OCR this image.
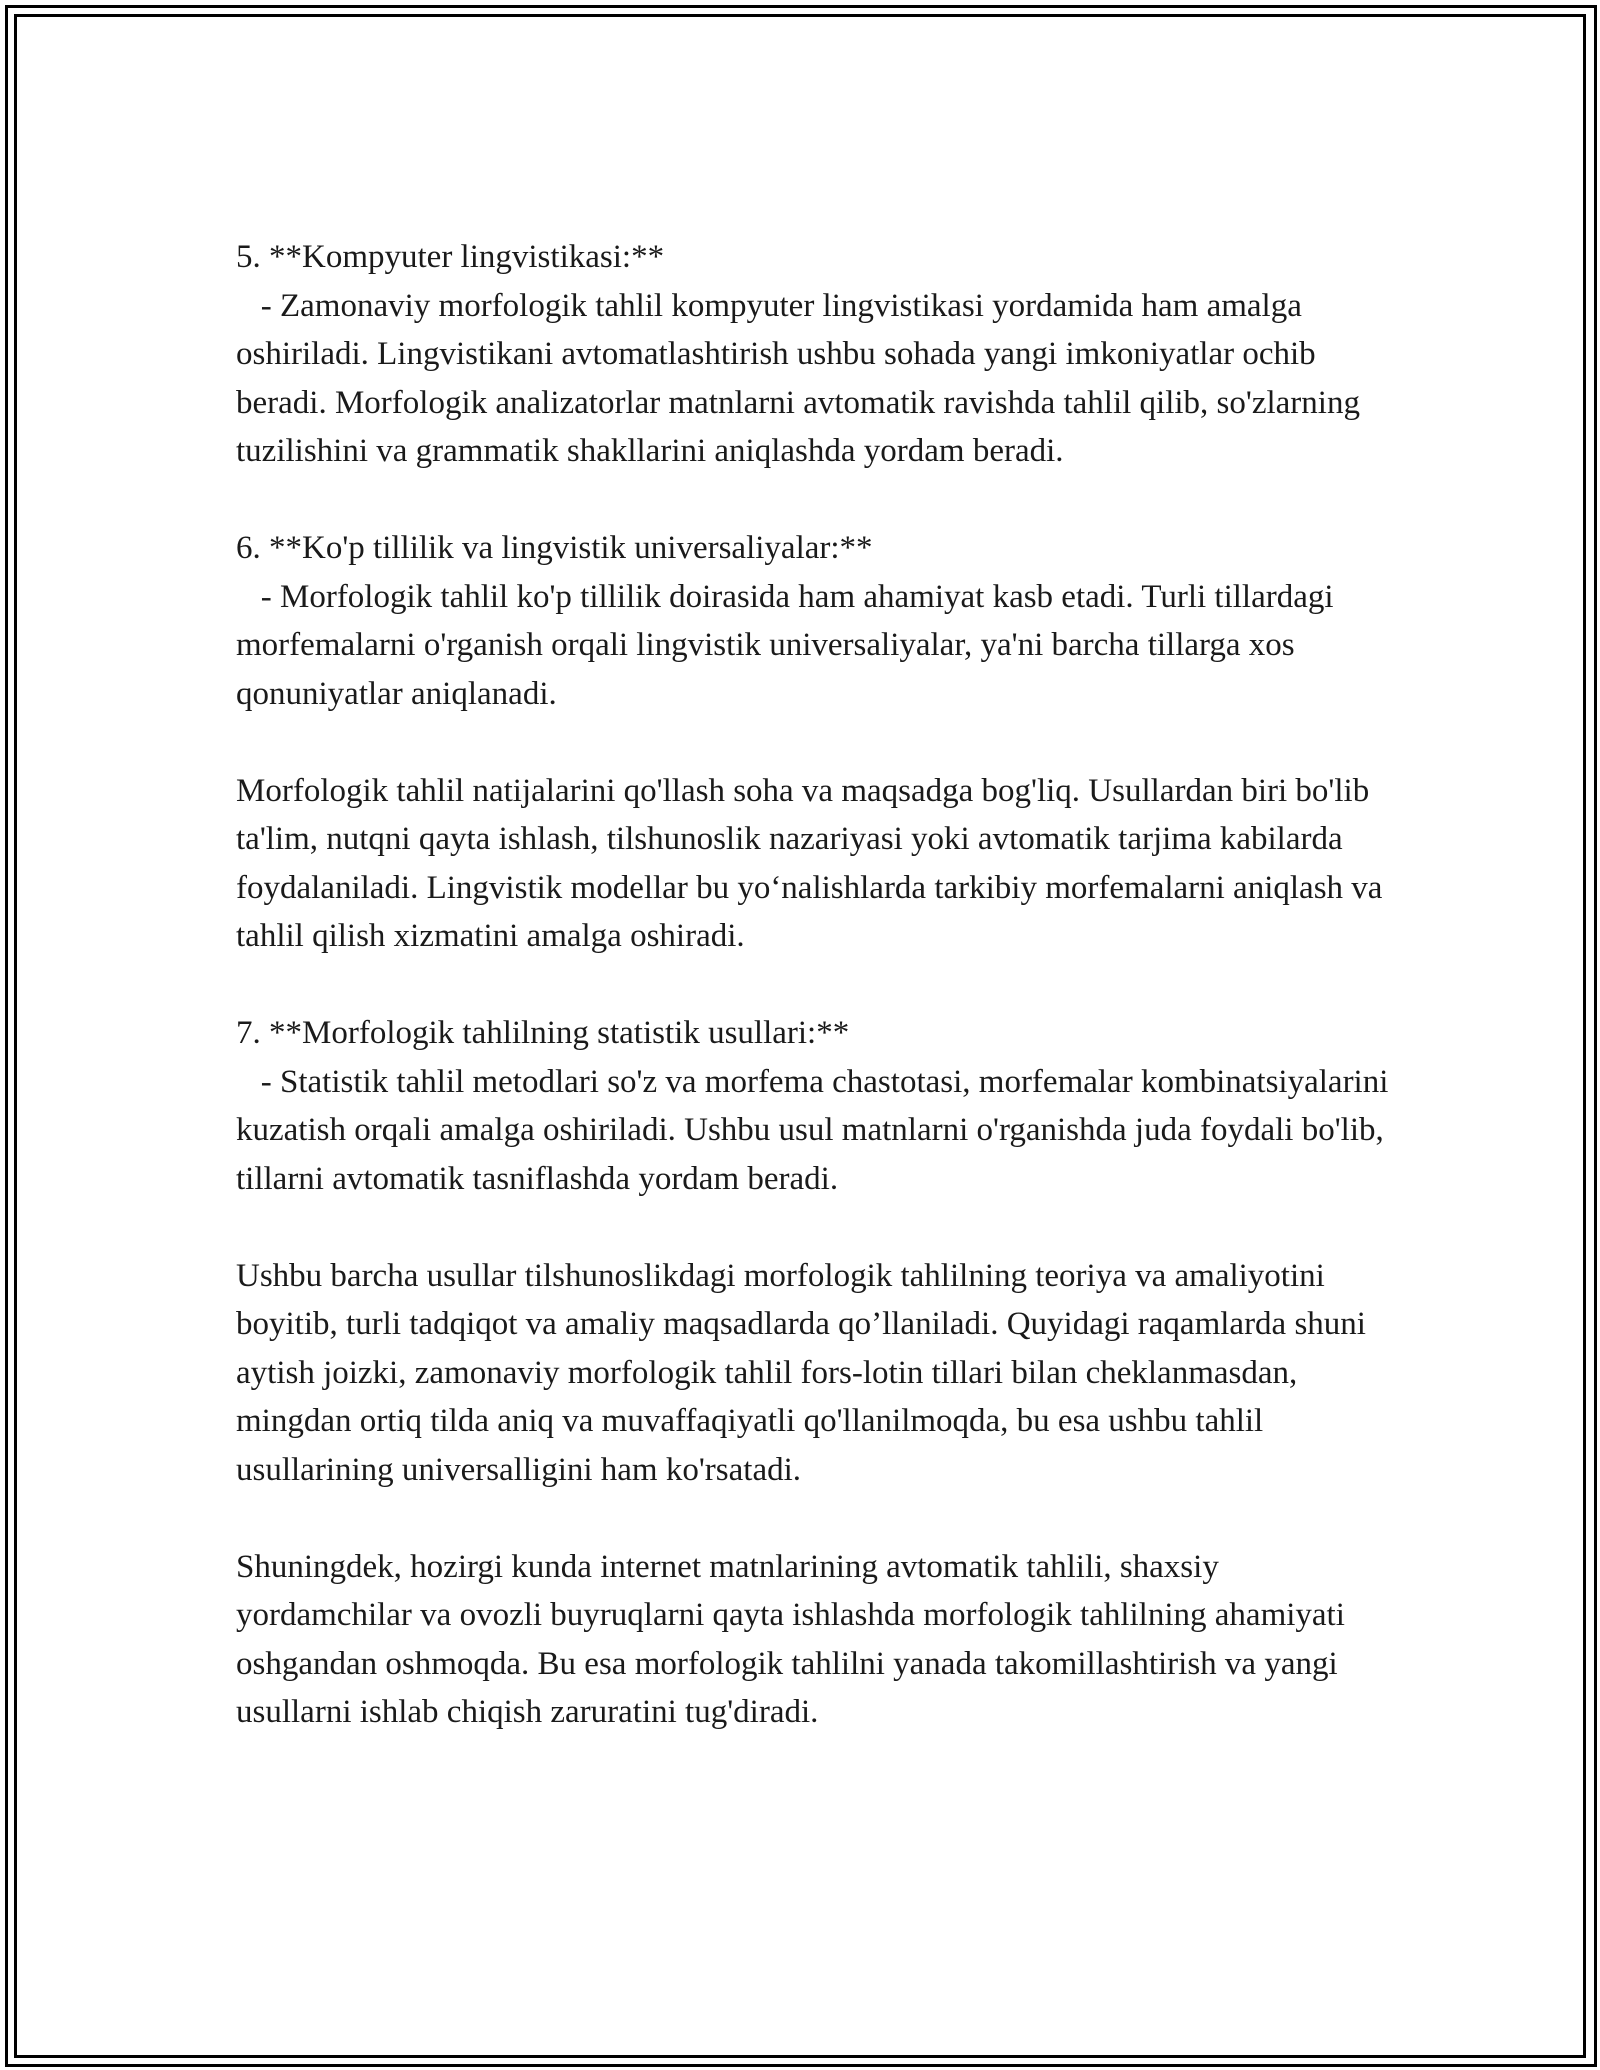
5. **Kompyuter lingvistikasi:**

- Zamonaviy morfologik tahlil kompyuter lingvistikasi yordamida ham amalga oshiriladi. Lingvistikani avtomatlashtirish ushbu sohada yangi imkoniyatlar ochib beradi. Morfologik analizatorlar matnlarni avtomatik ravishda tahlil qilib, so'zlarning tuzilishini va grammatik shakllarini aniqlashda yordam beradi.

6. **Ko'p tillilik va lingvistik universaliyalar:**

- Morfologik tahlil ko'p tillilik doirasida ham ahamiyat kasb etadi. Turli tillardagi morfemalarni o'rganish orqali lingvistik universaliyalar, ya'ni barcha tillarga xos qonuniyatlar aniqlanadi.

Morfologik tahlil natijalarini qo'llash soha va maqsadga bog'liq. Usullardan biri bo'lib ta'lim, nutqni qayta ishlash, tilshunoslik nazariyasi yoki avtomatik tarjima kabilarda foydalaniladi. Lingvistik modellar bu yo‘nalishlarda tarkibiy morfemalarni aniqlash va tahlil qilish xizmatini amalga oshiradi.

7. **Morfologik tahlilning statistik usullari:**

- Statistik tahlil metodlari so'z va morfema chastotasi, morfemalar kombinatsiyalarini kuzatish orqali amalga oshiriladi. Ushbu usul matnlarni o'rganishda juda foydali bo'lib, tillarni avtomatik tasniflashda yordam beradi.

Ushbu barcha usullar tilshunoslikdagi morfologik tahlilning teoriya va amaliyotini boyitib, turli tadqiqot va amaliy maqsadlarda qo’llaniladi. Quyidagi raqamlarda shuni aytish joizki, zamonaviy morfologik tahlil fors-lotin tillari bilan cheklanmasdan, mingdan ortiq tilda aniq va muvaffaqiyatli qo'llanilmoqda, bu esa ushbu tahlil usullarining universalligini ham ko'rsatadi.

Shuningdek, hozirgi kunda internet matnlarining avtomatik tahlili, shaxsiy yordamchilar va ovozli buyruqlarni qayta ishlashda morfologik tahlilning ahamiyati oshgandan oshmoqda. Bu esa morfologik tahlilni yanada takomillashtirish va yangi usullarni ishlab chiqish zaruratini tug'diradi.
